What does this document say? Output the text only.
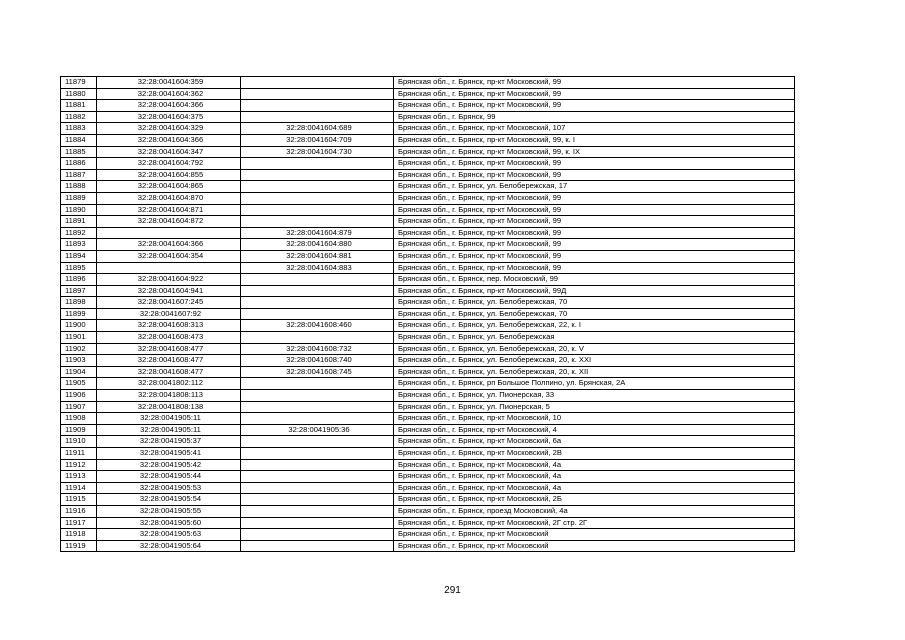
11879	32:28:0041604:359		Брянская обл., г. Брянск, пр-кт Московский, 99
11880	32:28:0041604:362		Брянская обл., г. Брянск, пр-кт Московский, 99
11881	32:28:0041604:366		Брянская обл., г. Брянск, пр-кт Московский, 99
11882	32:28:0041604:375		Брянская обл., г. Брянск, 99
11883	32:28:0041604:329	32:28:0041604:689	Брянская обл., г. Брянск, пр-кт Московский, 107
11884	32:28:0041604:366	32:28:0041604:709	Брянская обл., г. Брянск, пр-кт Московский, 99, к. I
11885	32:28:0041604:347	32:28:0041604:730	Брянская обл., г. Брянск, пр-кт Московский, 99, к. IX
11886	32:28:0041604:792		Брянская обл., г. Брянск, пр-кт Московский, 99
11887	32:28:0041604:855		Брянская обл., г. Брянск, пр-кт Московский, 99
11888	32:28:0041604:865		Брянская обл., г. Брянск, ул. Белобережская, 17
11889	32:28:0041604:870		Брянская обл., г. Брянск, пр-кт Московский, 99
11890	32:28:0041604:871		Брянская обл., г. Брянск, пр-кт Московский, 99
11891	32:28:0041604:872		Брянская обл., г. Брянск, пр-кт Московский, 99
11892		32:28:0041604:879	Брянская обл., г. Брянск, пр-кт Московский, 99
11893	32:28:0041604:366	32:28:0041604:880	Брянская обл., г. Брянск, пр-кт Московский, 99
11894	32:28:0041604:354	32:28:0041604:881	Брянская обл., г. Брянск, пр-кт Московский, 99
11895		32:28:0041604:883	Брянская обл., г. Брянск, пр-кт Московский, 99
11896	32:28:0041604:922		Брянская обл., г. Брянск, пер. Московский, 99
11897	32:28:0041604:941		Брянская обл., г. Брянск, пр-кт Московский, 99Д
11898	32:28:0041607:245		Брянская обл., г. Брянск, ул. Белобережская, 70
11899	32:28:0041607:92		Брянская обл., г. Брянск, ул. Белобережская, 70
11900	32:28:0041608:313	32:28:0041608:460	Брянская обл., г. Брянск, ул. Белобережская, 22, к. I
11901	32:28:0041608:473		Брянская обл., г. Брянск, ул. Белобережская
11902	32:28:0041608:477	32:28:0041608:732	Брянская обл., г. Брянск, ул. Белобережская, 20, к. V
11903	32:28:0041608:477	32:28:0041608:740	Брянская обл., г. Брянск, ул. Белобережская, 20, к. XXI
11904	32:28:0041608:477	32:28:0041608:745	Брянская обл., г. Брянск, ул. Белобережская, 20, к. XII
11905	32:28:0041802:112		Брянская обл., г. Брянск, рп Большое Полпино, ул. Брянская, 2А
11906	32:28:0041808:113		Брянская обл., г. Брянск, ул. Пионерская, 33
11907	32:28:0041808:138		Брянская обл., г. Брянск, ул. Пионерская, 5
11908	32:28:0041905:11		Брянская обл., г. Брянск, пр-кт Московский, 10
11909	32:28:0041905:11	32:28:0041905:36	Брянская обл., г. Брянск, пр-кт Московский, 4
11910	32:28:0041905:37		Брянская обл., г. Брянск, пр-кт Московский, 6а
11911	32:28:0041905:41		Брянская обл., г. Брянск, пр-кт Московский, 2В
11912	32:28:0041905:42		Брянская обл., г. Брянск, пр-кт Московский, 4а
11913	32:28:0041905:44		Брянская обл., г. Брянск, пр-кт Московский, 4а
11914	32:28:0041905:53		Брянская обл., г. Брянск, пр-кт Московский, 4а
11915	32:28:0041905:54		Брянская обл., г. Брянск, пр-кт Московский, 2Б
11916	32:28:0041905:55		Брянская обл., г. Брянск, проезд Московский, 4а
11917	32:28:0041905:60		Брянская обл., г. Брянск, пр-кт Московский, 2Г стр. 2Г
11918	32:28:0041905:63		Брянская обл., г. Брянск, пр-кт Московский
11919	32:28:0041905:64		Брянская обл., г. Брянск, пр-кт Московский
291
